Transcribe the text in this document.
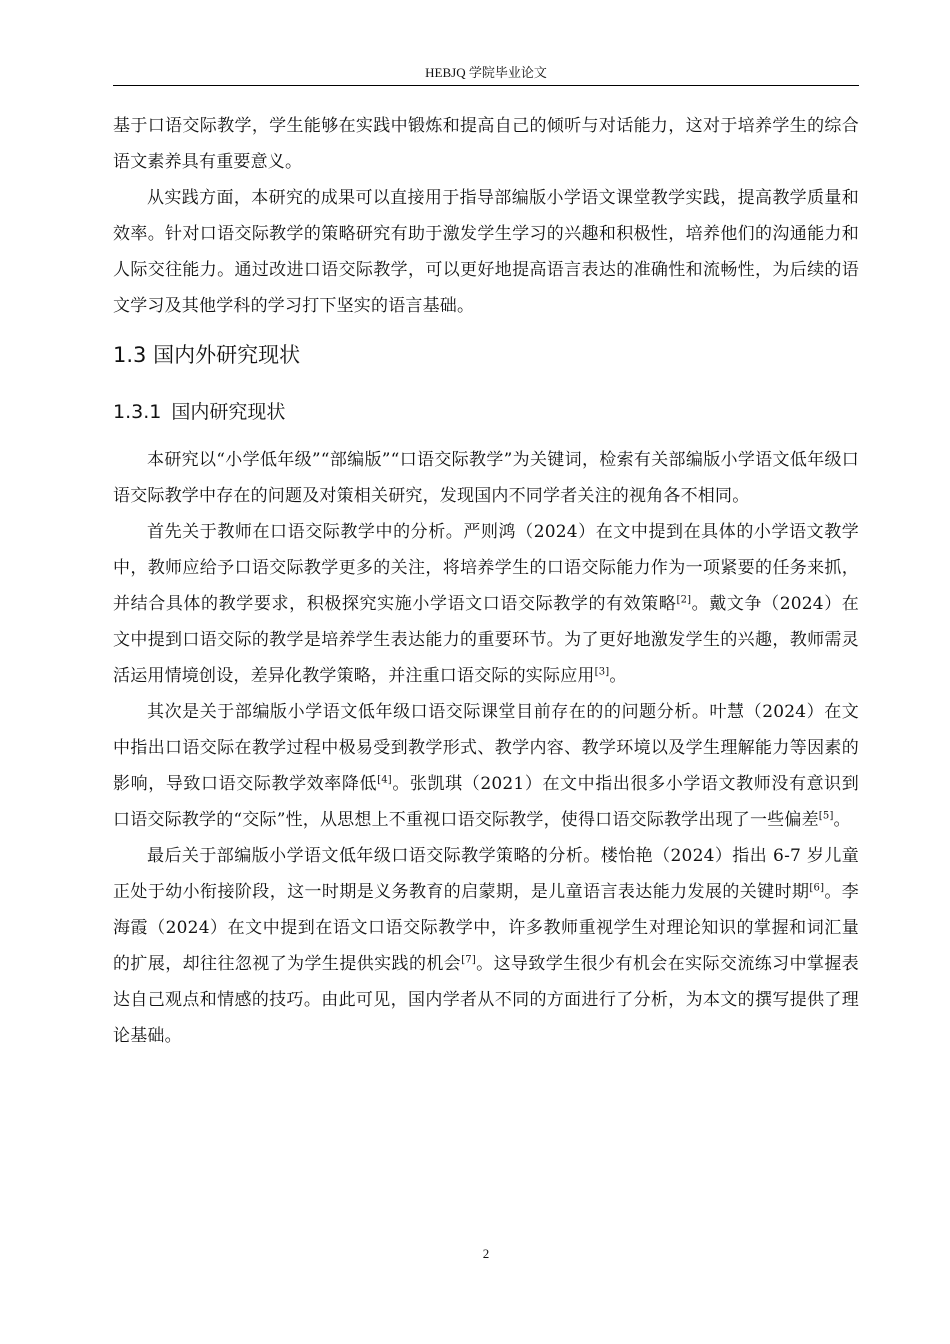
HEBJQ 学院毕业论文

基于口语交际教学，学生能够在实践中锻炼和提高自己的倾听与对话能力，这对于培养学生的综合语文素养具有重要意义。

从实践方面，本研究的成果可以直接用于指导部编版小学语文课堂教学实践，提高教学质量和效率。针对口语交际教学的策略研究有助于激发学生学习的兴趣和积极性，培养他们的沟通能力和人际交往能力。通过改进口语交际教学，可以更好地提高语言表达的准确性和流畅性，为后续的语文学习及其他学科的学习打下坚实的语言基础。

1.3 国内外研究现状
1.3.1 国内研究现状

本研究以“小学低年级”“部编版”“口语交际教学”为关键词，检索有关部编版小学语文低年级口语交际教学中存在的问题及对策相关研究，发现国内不同学者关注的视角各不相同。

首先关于教师在口语交际教学中的分析。严则鸿（2024）在文中提到在具体的小学语文教学中，教师应给予口语交际教学更多的关注，将培养学生的口语交际能力作为一项紧要的任务来抓，并结合具体的教学要求，积极探究实施小学语文口语交际教学的有效策略[2]。戴文争（2024）在文中提到口语交际的教学是培养学生表达能力的重要环节。为了更好地激发学生的兴趣，教师需灵活运用情境创设，差异化教学策略，并注重口语交际的实际应用[3]。

其次是关于部编版小学语文低年级口语交际课堂目前存在的的问题分析。叶慧（2024）在文中指出口语交际在教学过程中极易受到教学形式、教学内容、教学环境以及学生理解能力等因素的影响，导致口语交际教学效率降低[4]。张凯琪（2021）在文中指出很多小学语文教师没有意识到口语交际教学的“交际”性，从思想上不重视口语交际教学，使得口语交际教学出现了一些偏差[5]。

最后关于部编版小学语文低年级口语交际教学策略的分析。楼怡艳（2024）指出 6-7 岁儿童正处于幼小衔接阶段，这一时期是义务教育的启蒙期，是儿童语言表达能力发展的关键时期[6]。李海霞（2024）在文中提到在语文口语交际教学中，许多教师重视学生对理论知识的掌握和词汇量的扩展，却往往忽视了为学生提供实践的机会[7]。这导致学生很少有机会在实际交流练习中掌握表达自己观点和情感的技巧。由此可见，国内学者从不同的方面进行了分析，为本文的撰写提供了理论基础。

2
